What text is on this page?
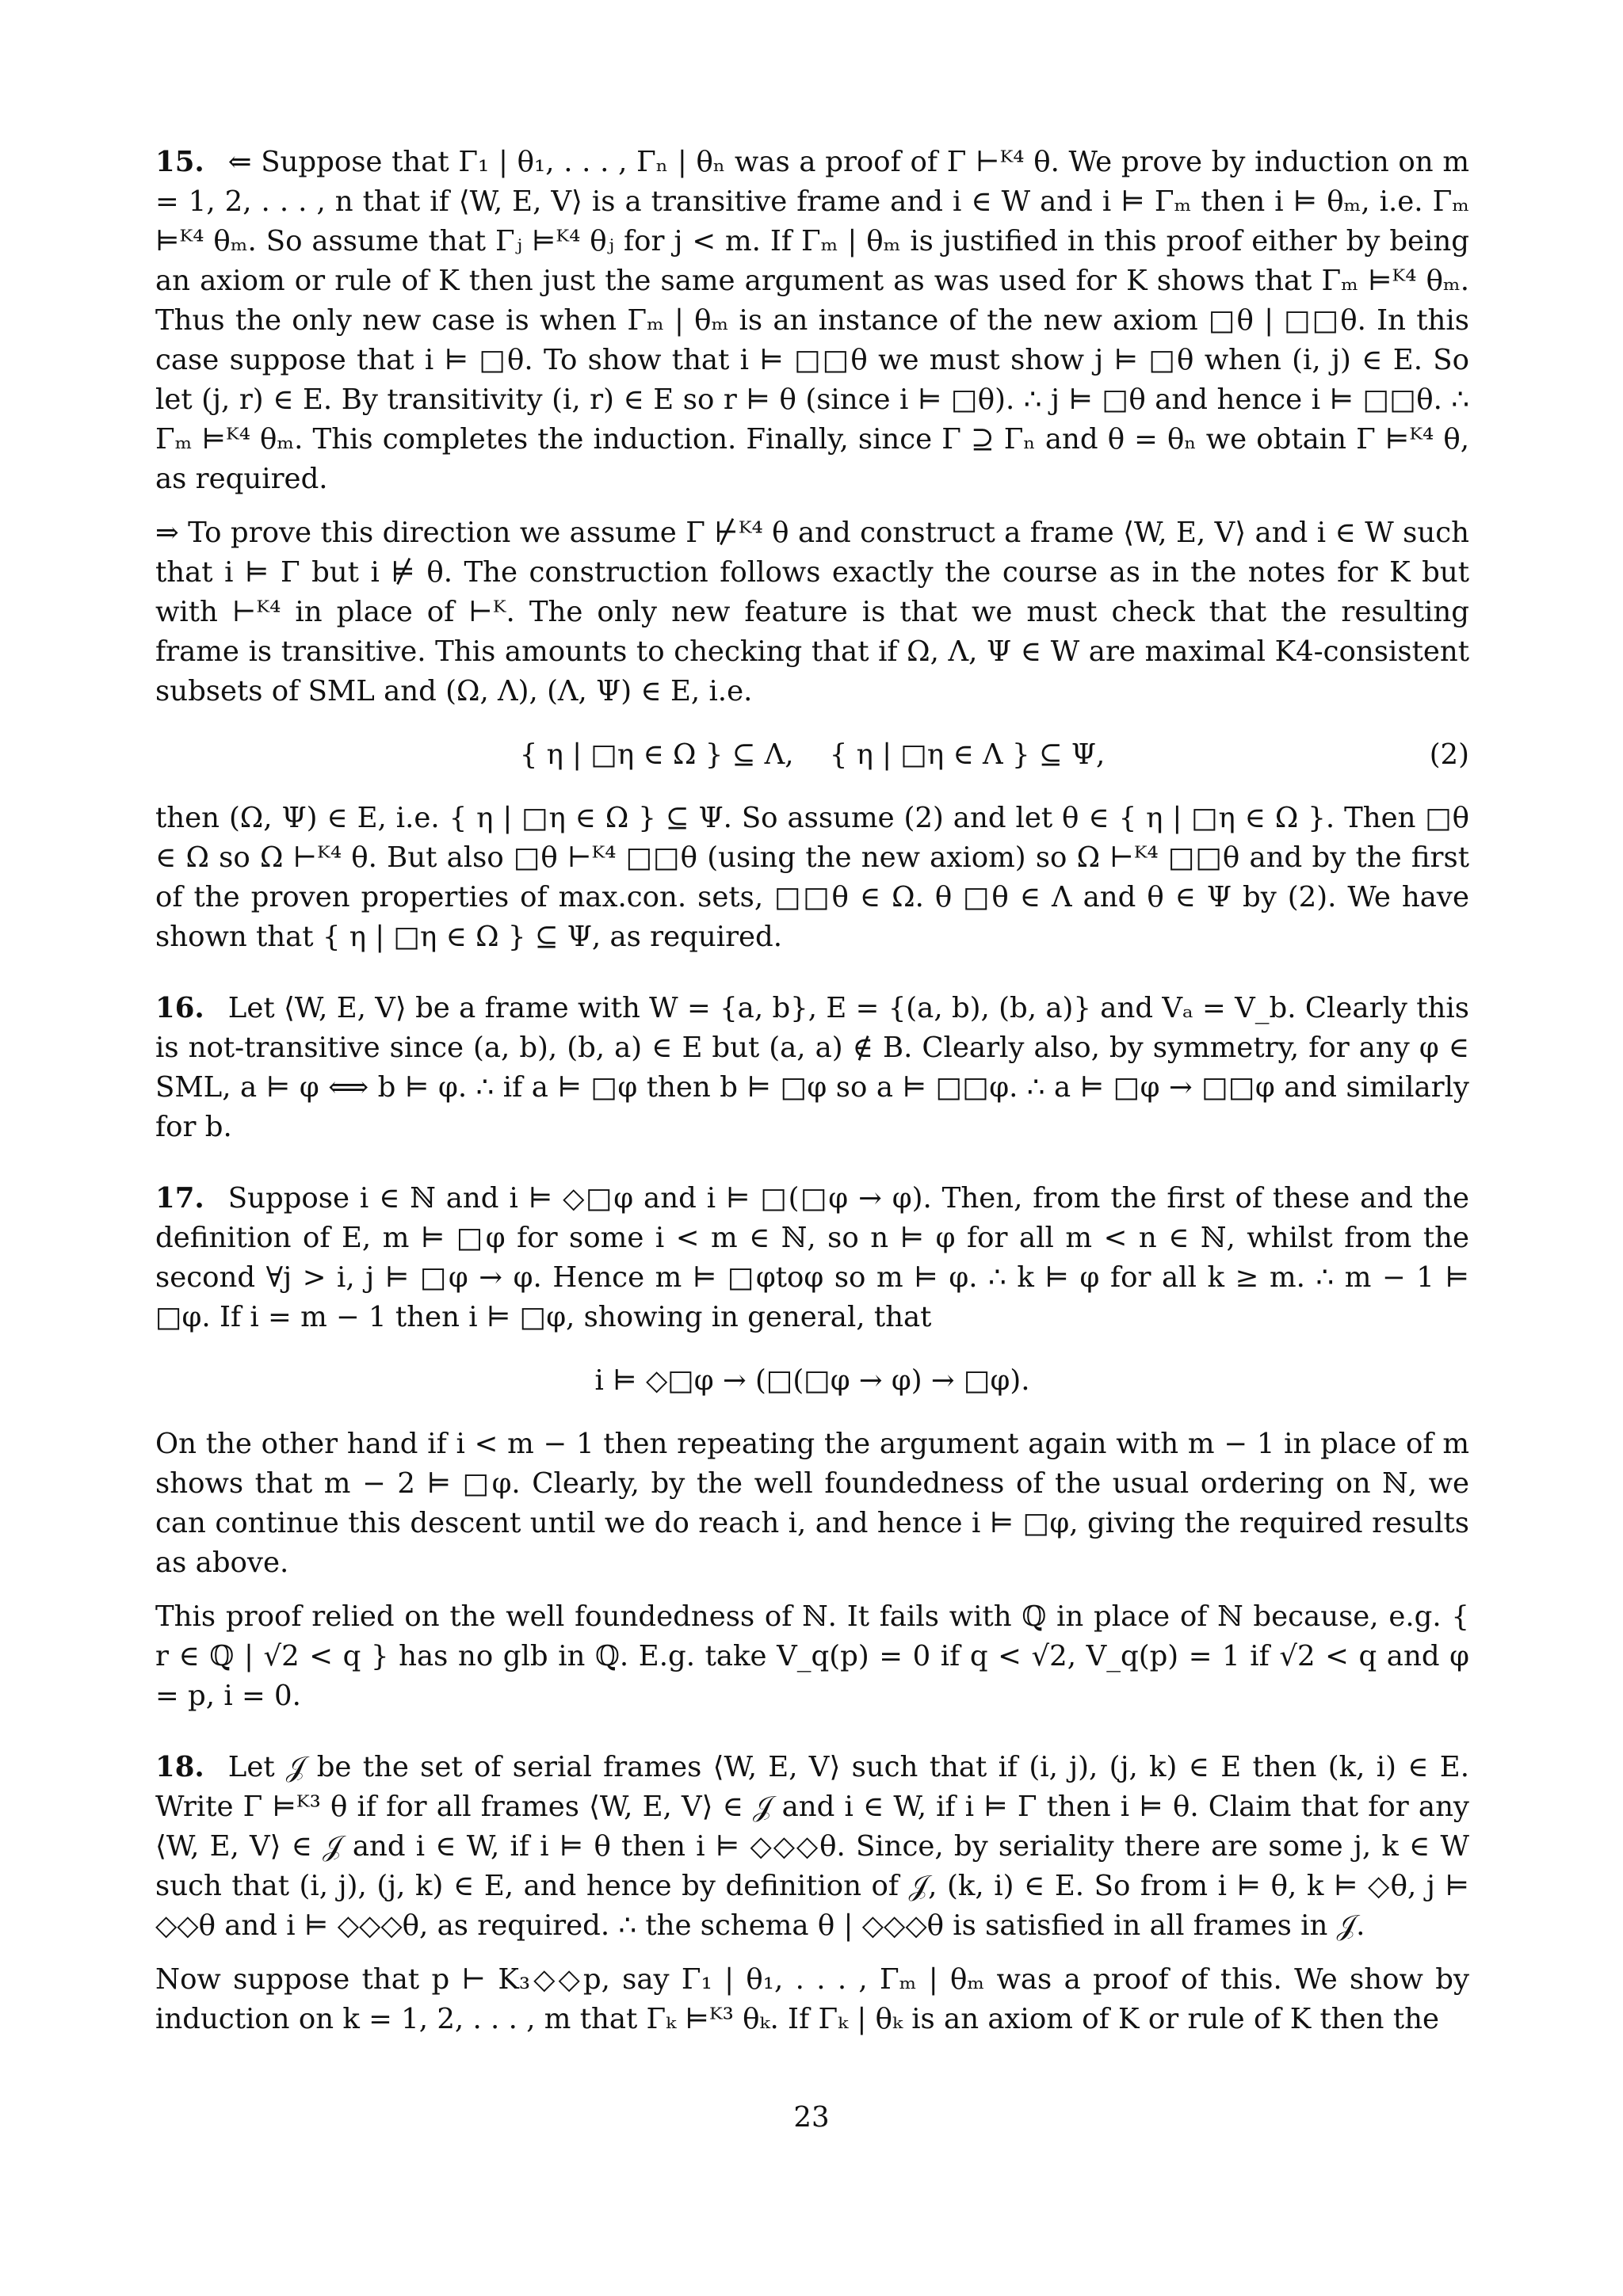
15. ⇐ Suppose that Γ₁ | θ₁, . . . , Γₙ | θₙ was a proof of Γ ⊢ᴷ⁴ θ. We prove by induction on m = 1, 2, . . . , n that if ⟨W, E, V⟩ is a transitive frame and i ∈ W and i ⊨ Γₘ then i ⊨ θₘ, i.e. Γₘ ⊨ᴷ⁴ θₘ. So assume that Γⱼ ⊨ᴷ⁴ θⱼ for j < m. If Γₘ | θₘ is justified in this proof either by being an axiom or rule of K then just the same argument as was used for K shows that Γₘ ⊨ᴷ⁴ θₘ. Thus the only new case is when Γₘ | θₘ is an instance of the new axiom □θ | □□θ. In this case suppose that i ⊨ □θ. To show that i ⊨ □□θ we must show j ⊨ □θ when (i, j) ∈ E. So let (j, r) ∈ E. By transitivity (i, r) ∈ E so r ⊨ θ (since i ⊨ □θ). ∴ j ⊨ □θ and hence i ⊨ □□θ. ∴ Γₘ ⊨ᴷ⁴ θₘ. This completes the induction. Finally, since Γ ⊇ Γₙ and θ = θₙ we obtain Γ ⊨ᴷ⁴ θ, as required.

⇒ To prove this direction we assume Γ ⊬ᴷ⁴ θ and construct a frame ⟨W, E, V⟩ and i ∈ W such that i ⊨ Γ but i ⊭ θ. The construction follows exactly the course as in the notes for K but with ⊢ᴷ⁴ in place of ⊢ᴷ. The only new feature is that we must check that the resulting frame is transitive. This amounts to checking that if Ω, Λ, Ψ ∈ W are maximal K4-consistent subsets of SML and (Ω, Λ), (Λ, Ψ) ∈ E, i.e.

{ η | □η ∈ Ω } ⊆ Λ,    { η | □η ∈ Λ } ⊆ Ψ,	(2)

then (Ω, Ψ) ∈ E, i.e. { η | □η ∈ Ω } ⊆ Ψ. So assume (2) and let θ ∈ { η | □η ∈ Ω }. Then □θ ∈ Ω so Ω ⊢ᴷ⁴ θ. But also □θ ⊢ᴷ⁴ □□θ (using the new axiom) so Ω ⊢ᴷ⁴ □□θ and by the first of the proven properties of max.con. sets, □□θ ∈ Ω. θ □θ ∈ Λ and θ ∈ Ψ by (2). We have shown that { η | □η ∈ Ω } ⊆ Ψ, as required.

16. Let ⟨W, E, V⟩ be a frame with W = {a, b}, E = {(a, b), (b, a)} and Vₐ = V_b. Clearly this is not-transitive since (a, b), (b, a) ∈ E but (a, a) ∉ B. Clearly also, by symmetry, for any φ ∈ SML, a ⊨ φ ⟺ b ⊨ φ. ∴ if a ⊨ □φ then b ⊨ □φ so a ⊨ □□φ. ∴ a ⊨ □φ → □□φ and similarly for b.

17. Suppose i ∈ ℕ and i ⊨ ◇□φ and i ⊨ □(□φ → φ). Then, from the first of these and the definition of E, m ⊨ □φ for some i < m ∈ ℕ, so n ⊨ φ for all m < n ∈ ℕ, whilst from the second ∀j > i, j ⊨ □φ → φ. Hence m ⊨ □φtoφ so m ⊨ φ. ∴ k ⊨ φ for all k ≥ m. ∴ m − 1 ⊨ □φ. If i = m − 1 then i ⊨ □φ, showing in general, that

i ⊨ ◇□φ → (□(□φ → φ) → □φ).

On the other hand if i < m − 1 then repeating the argument again with m − 1 in place of m shows that m − 2 ⊨ □φ. Clearly, by the well foundedness of the usual ordering on ℕ, we can continue this descent until we do reach i, and hence i ⊨ □φ, giving the required results as above.

This proof relied on the well foundedness of ℕ. It fails with ℚ in place of ℕ because, e.g. { r ∈ ℚ | √2 < q } has no glb in ℚ. E.g. take V_q(p) = 0 if q < √2, V_q(p) = 1 if √2 < q and φ = p, i = 0.

18. Let 𝒥 be the set of serial frames ⟨W, E, V⟩ such that if (i, j), (j, k) ∈ E then (k, i) ∈ E. Write Γ ⊨ᴷ³ θ if for all frames ⟨W, E, V⟩ ∈ 𝒥 and i ∈ W, if i ⊨ Γ then i ⊨ θ. Claim that for any ⟨W, E, V⟩ ∈ 𝒥 and i ∈ W, if i ⊨ θ then i ⊨ ◇◇◇θ. Since, by seriality there are some j, k ∈ W such that (i, j), (j, k) ∈ E, and hence by definition of 𝒥, (k, i) ∈ E. So from i ⊨ θ, k ⊨ ◇θ, j ⊨ ◇◇θ and i ⊨ ◇◇◇θ, as required. ∴ the schema θ | ◇◇◇θ is satisfied in all frames in 𝒥.

Now suppose that p ⊢ K₃◇◇p, say Γ₁ | θ₁, . . . , Γₘ | θₘ was a proof of this. We show by induction on k = 1, 2, . . . , m that Γₖ ⊨ᴷ³ θₖ. If Γₖ | θₖ is an axiom of K or rule of K then the

23
